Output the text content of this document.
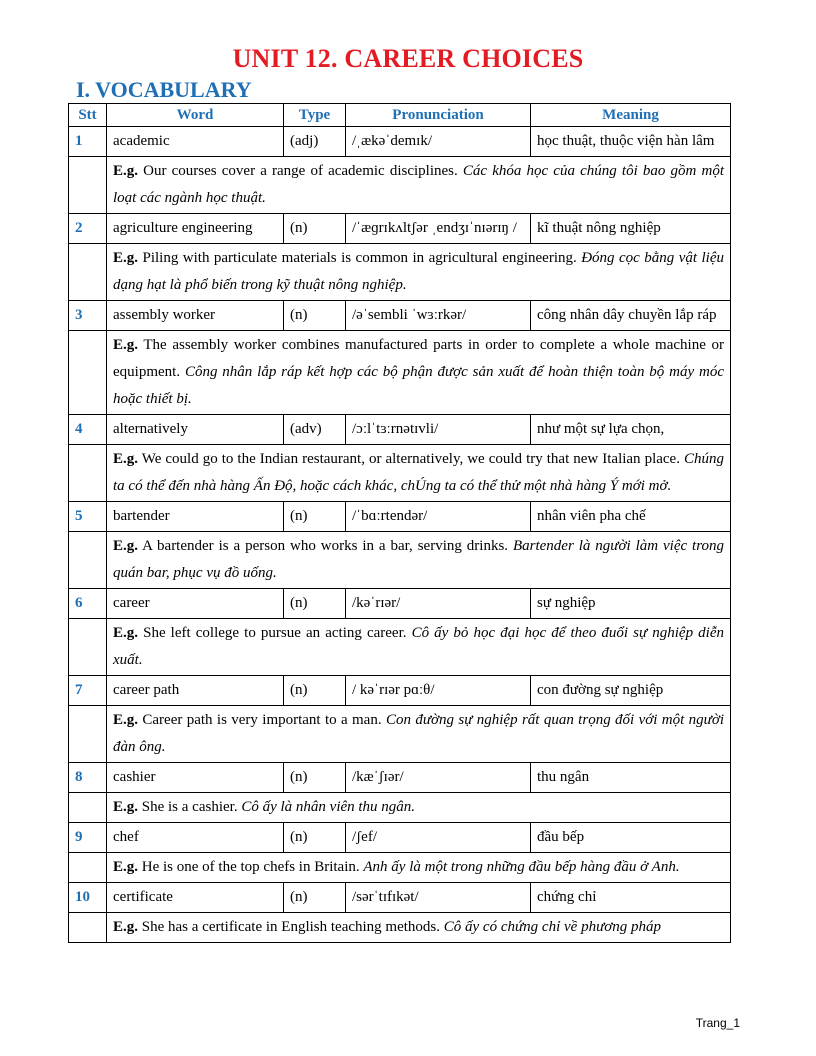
UNIT 12. CAREER CHOICES
I. VOCABULARY
Stt	Word	Type	Pronunciation	Meaning
1	academic	(adj)	/ˌækəˈdemɪk/	học thuật, thuộc viện hàn lâm
	E.g. Our courses cover a range of academic disciplines. Các khóa học của chúng tôi bao gồm một loạt các ngành học thuật.			
2	agriculture engineering	(n)	/ˈæɡrɪkʌltʃər ˌendʒɪˈnɪərɪŋ /	kĩ thuật nông nghiệp
	E.g. Piling with particulate materials is common in agricultural engineering. Đóng cọc bằng vật liệu dạng hạt là phổ biến trong kỹ thuật nông nghiệp.			
3	assembly worker	(n)	/əˈsembli ˈwɜːrkər/	công nhân dây chuyền lắp ráp
	E.g. The assembly worker combines manufactured parts in order to complete a whole machine or equipment. Công nhân lắp ráp kết hợp các bộ phận được sản xuất để hoàn thiện toàn bộ máy móc hoặc thiết bị.			
4	alternatively	(adv)	/ɔːlˈtɜːrnətɪvli/	như một sự lựa chọn,
	E.g. We could go to the Indian restaurant, or alternatively, we could try that new Italian place. Chúng ta có thể đến nhà hàng Ấn Độ, hoặc cách khác, chÚng ta có thể thử một nhà hàng Ý mới mở.			
5	bartender	(n)	/ˈbɑːrtendər/	nhân viên pha chế
	E.g. A bartender is a person who works in a bar, serving drinks. Bartender là người làm việc trong quán bar, phục vụ đồ uống.			
6	career	(n)	/kəˈrɪər/	sự nghiệp
	E.g. She left college to pursue an acting career. Cô ấy bỏ học đại học để theo đuổi sự nghiệp diễn xuất.			
7	career path	(n)	/ kəˈrɪər pɑːθ/	con đường sự nghiệp
	E.g. Career path is very important to a man. Con đường sự nghiệp rất quan trọng đối với một người đàn ông.			
8	cashier	(n)	/kæˈʃɪər/	thu ngân
	E.g. She is a cashier. Cô ấy là nhân viên thu ngân.			
9	chef	(n)	/ʃef/	đầu bếp
	E.g. He is one of the top chefs in Britain. Anh ấy là một trong những đầu bếp hàng đầu ở Anh.			
10	certificate	(n)	/sərˈtɪfɪkət/	chứng chỉ
	E.g. She has a certificate in English teaching methods. Cô ấy có chứng chỉ về phương pháp			
Trang_1
